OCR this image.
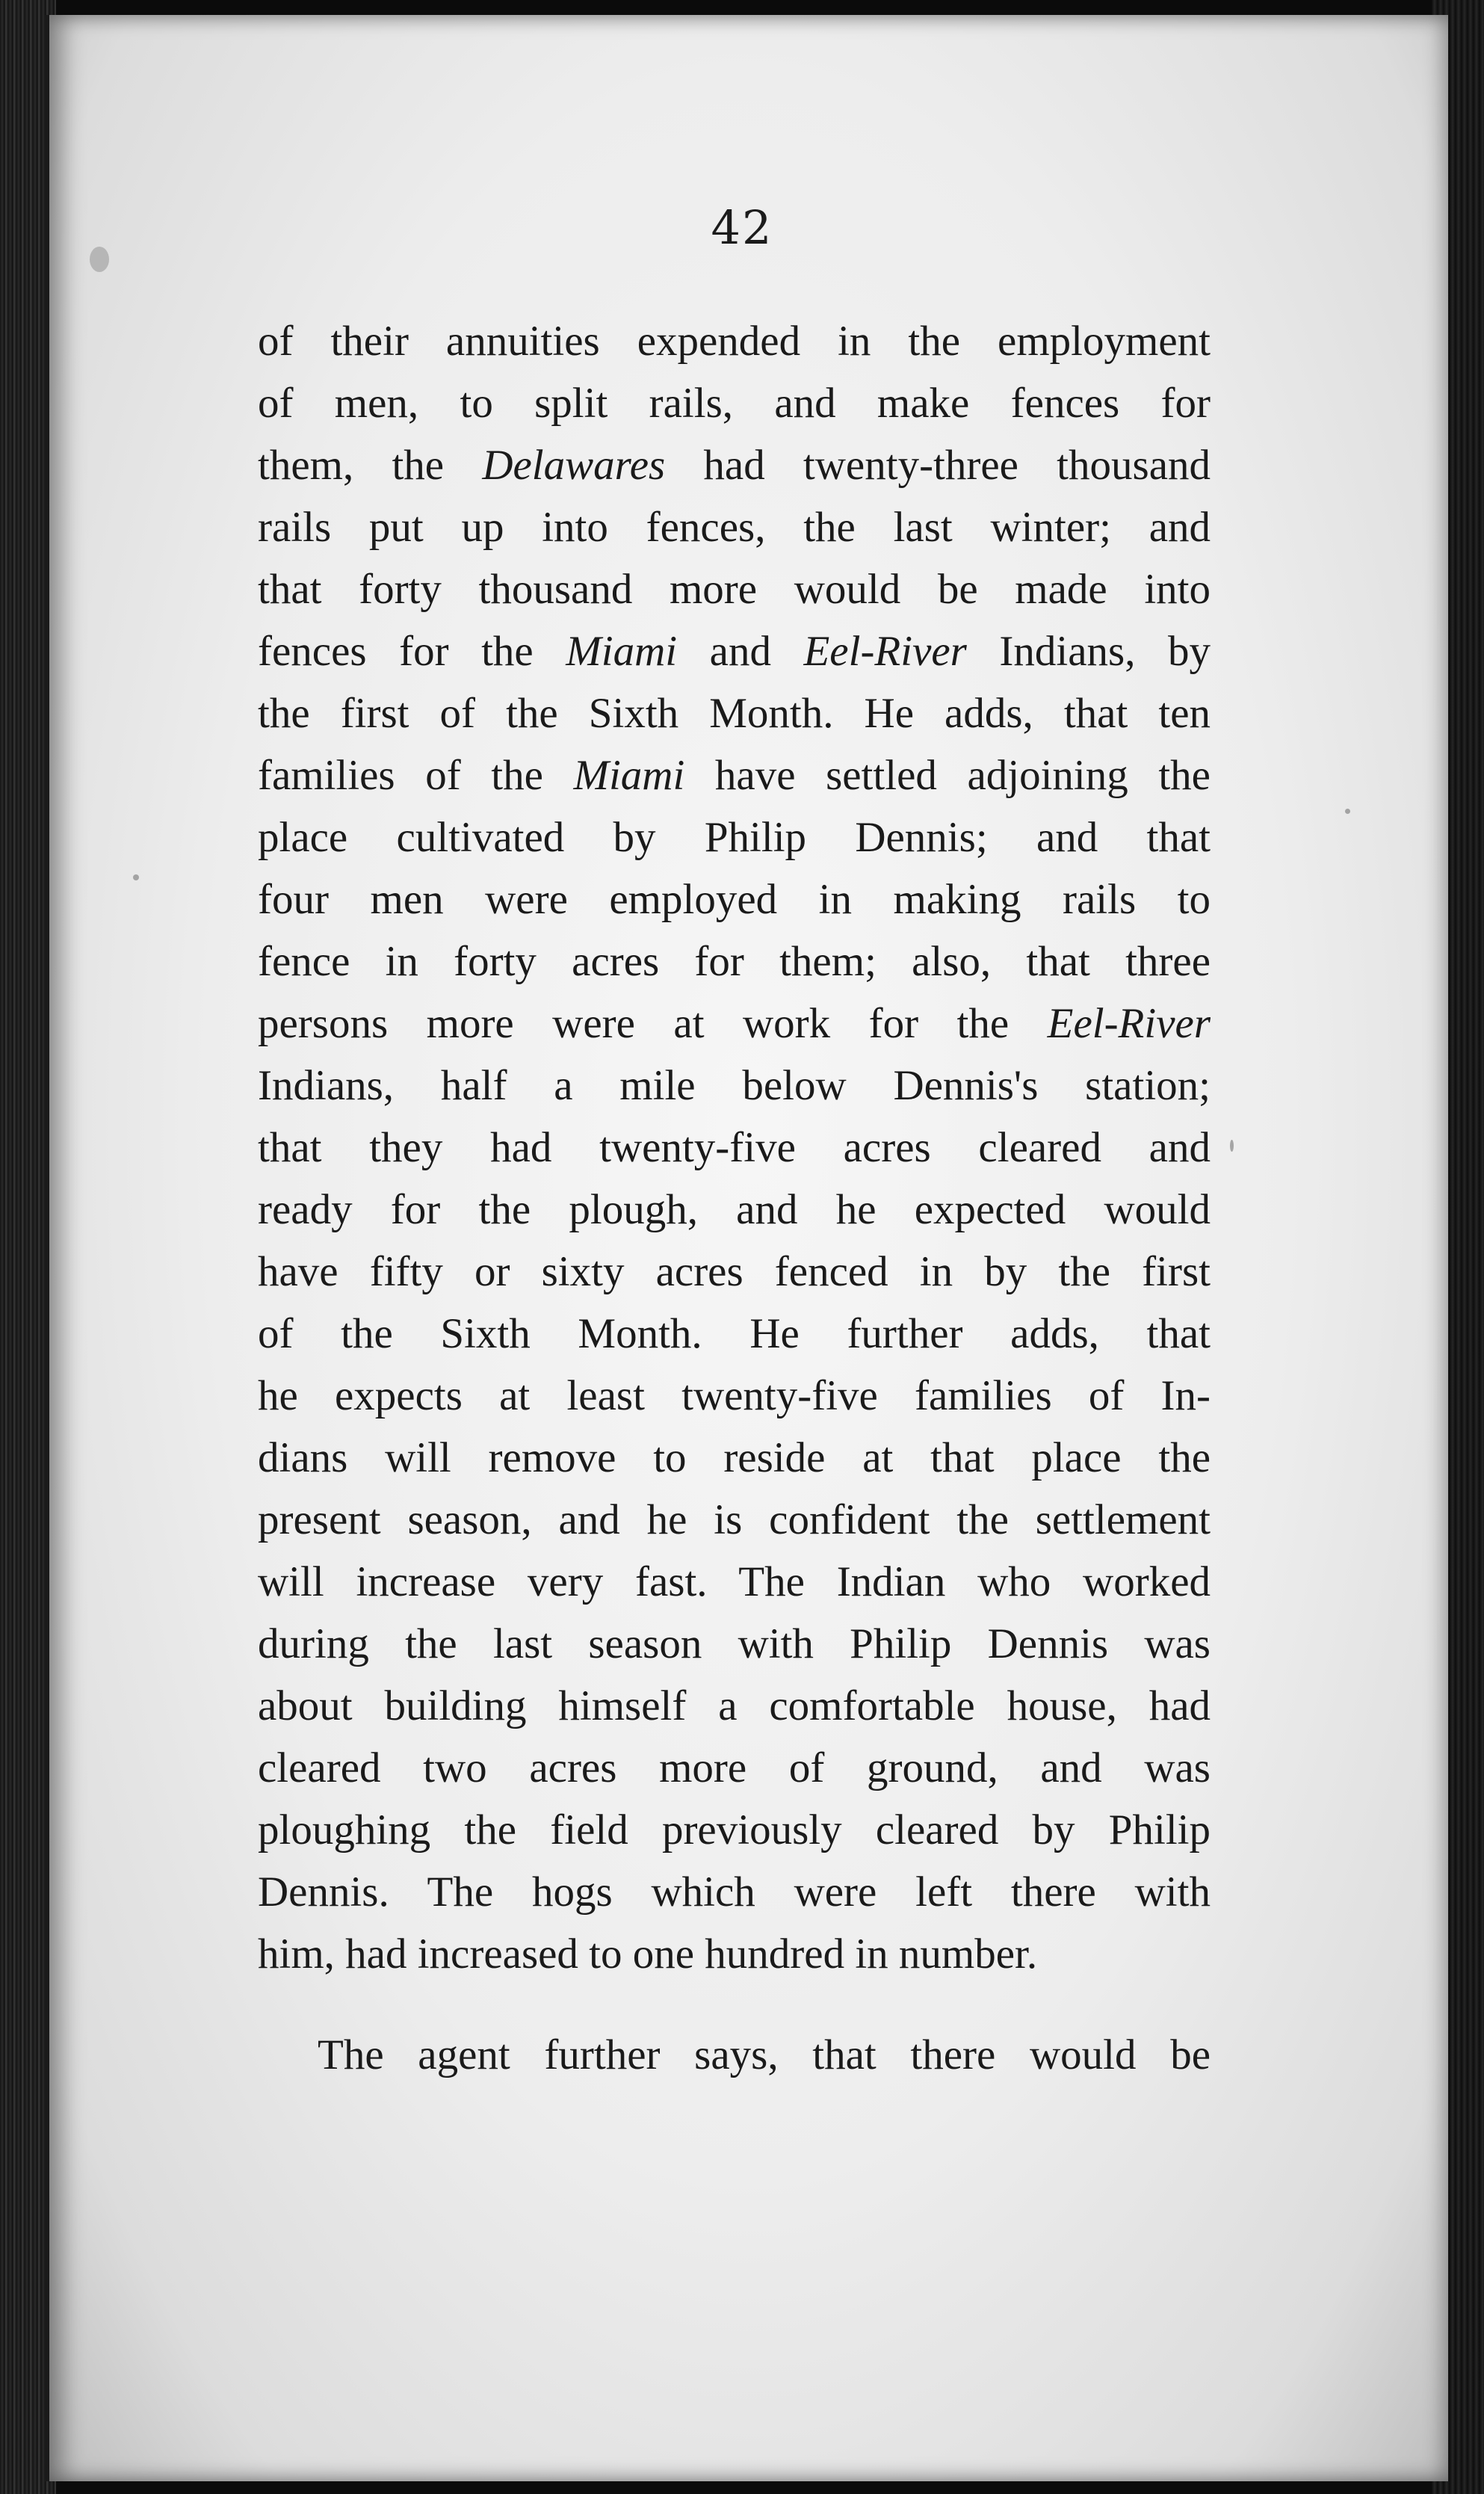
42
of their annuities expended in the employment
of men, to split rails, and make fences for
them, the Delawares had twenty-three thousand
rails put up into fences, the last winter; and
that forty thousand more would be made into
fences for the Miami and Eel-River Indians, by
the first of the Sixth Month. He adds, that ten
families of the Miami have settled adjoining the
place cultivated by Philip Dennis; and that
four men were employed in making rails to
fence in forty acres for them; also, that three
persons more were at work for the Eel-River
Indians, half a mile below Dennis's station;
that they had twenty-five acres cleared and
ready for the plough, and he expected would
have fifty or sixty acres fenced in by the first
of the Sixth Month. He further adds, that
he expects at least twenty-five families of In-
dians will remove to reside at that place the
present season, and he is confident the settlement
will increase very fast. The Indian who worked
during the last season with Philip Dennis was
about building himself a comfortable house, had
cleared two acres more of ground, and was
ploughing the field previously cleared by Philip
Dennis. The hogs which were left there with
him, had increased to one hundred in number.
The agent further says, that there would be
